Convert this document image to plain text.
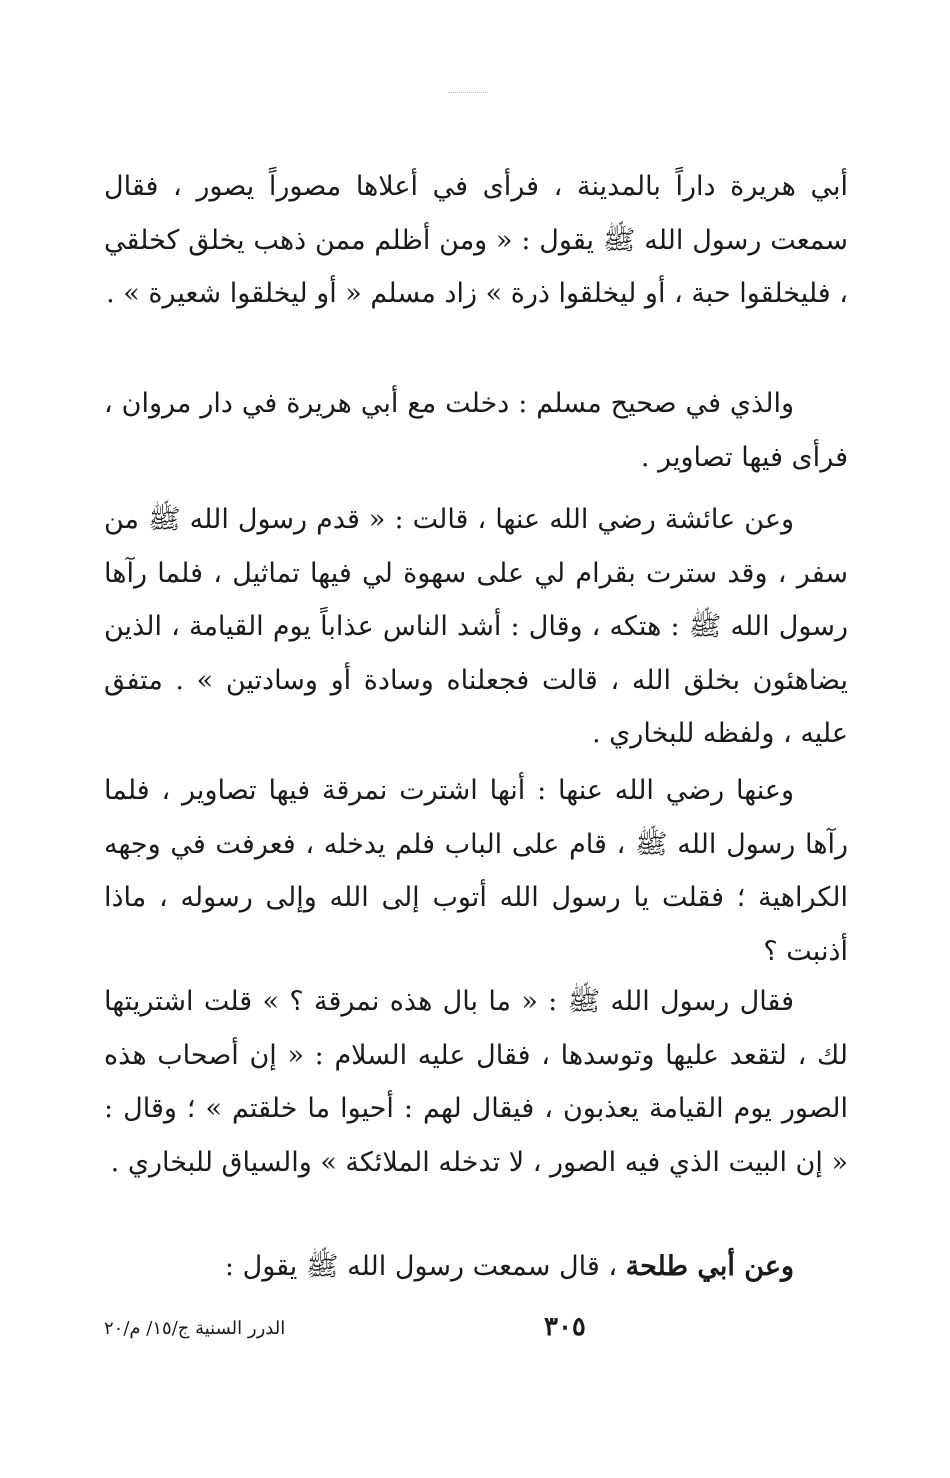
أبي هريرة داراً بالمدينة ، فرأى في أعلاها مصوراً يصور ، فقال سمعت رسول الله ﷺ يقول : « ومن أظلم ممن ذهب يخلق كخلقي ، فليخلقوا حبة ، أو ليخلقوا ذرة » زاد مسلم « أو ليخلقوا شعيرة » .

والذي في صحيح مسلم : دخلت مع أبي هريرة في دار مروان ، فرأى فيها تصاوير .

وعن عائشة رضي الله عنها ، قالت : « قدم رسول الله ﷺ من سفر ، وقد سترت بقرام لي على سهوة لي فيها تماثيل ، فلما رآها رسول الله ﷺ : هتكه ، وقال : أشد الناس عذاباً يوم القيامة ، الذين يضاهئون بخلق الله ، قالت فجعلناه وسادة أو وسادتين » . متفق عليه ، ولفظه للبخاري .

وعنها رضي الله عنها : أنها اشترت نمرقة فيها تصاوير ، فلما رآها رسول الله ﷺ ، قام على الباب فلم يدخله ، فعرفت في وجهه الكراهية ؛ فقلت يا رسول الله أتوب إلى الله وإلى رسوله ، ماذا أذنبت ؟

فقال رسول الله ﷺ : « ما بال هذه نمرقة ؟ » قلت اشتريتها لك ، لتقعد عليها وتوسدها ، فقال عليه السلام : « إن أصحاب هذه الصور يوم القيامة يعذبون ، فيقال لهم : أحيوا ما خلقتم » ؛ وقال : « إن البيت الذي فيه الصور ، لا تدخله الملائكة » والسياق للبخاري .

وعن أبي طلحة ، قال سمعت رسول الله ﷺ يقول :

٣٠٥
الدرر السنية ج/١٥/ م/٢٠
